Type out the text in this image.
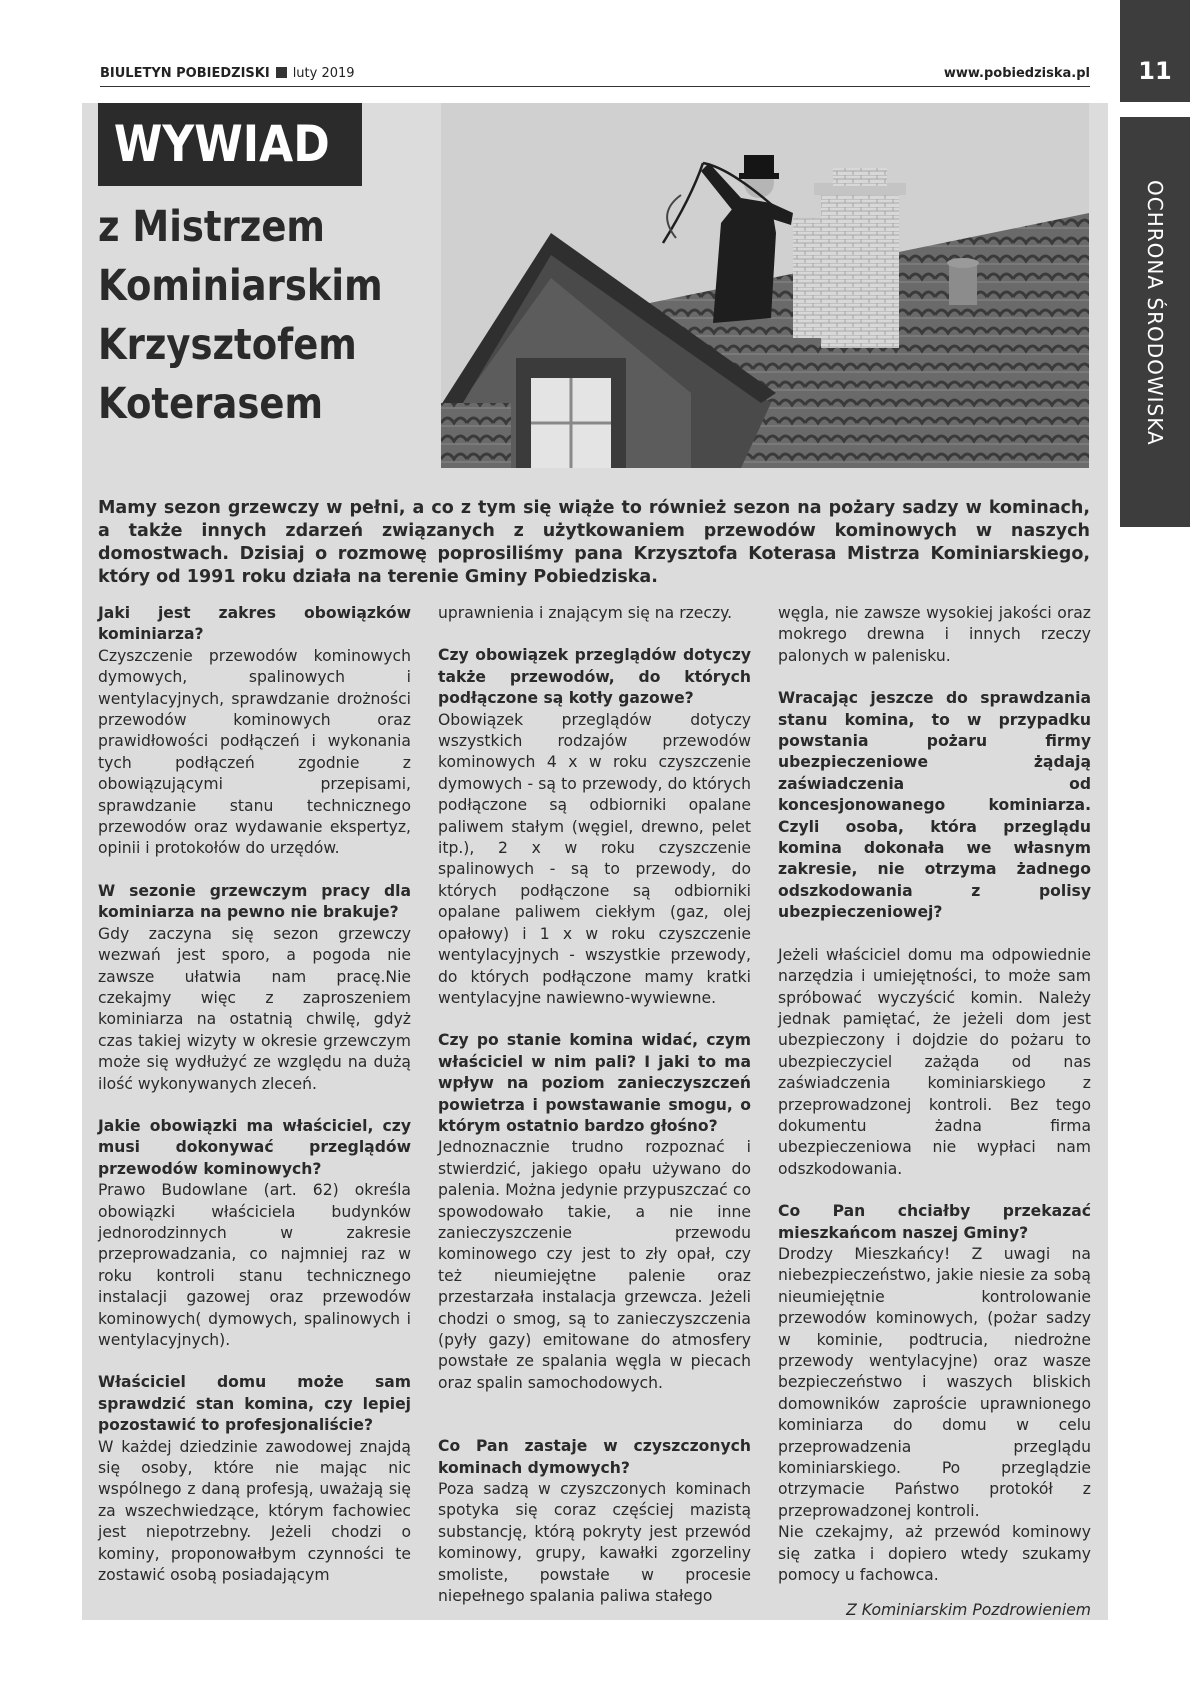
BIULETYN POBIEDZISKI luty 2019	www.pobiedziska.pl	11
OCHRONA ŚRODOWISKA
WYWIAD
z Mistrzem
Kominiarskim
Krzysztofem
Koterasem
Mamy sezon grzewczy w pełni, a co z tym się wiąże to również sezon na pożary sadzy w kominach, a także innych zdarzeń związanych z użytkowaniem przewodów kominowych w naszych domostwach. Dzisiaj o rozmowę poprosiliśmy pana Krzysztofa Koterasa Mistrza Kominiarskiego, który od 1991 roku działa na terenie Gminy Pobiedziska.

Jaki jest zakres obowiązków kominiarza?

Czyszczenie przewodów kominowych dymowych, spalinowych i wentylacyjnych, sprawdzanie drożności przewodów kominowych oraz prawidłowości podłączeń i wykonania tych podłączeń zgodnie z obowiązującymi przepisami, sprawdzanie stanu technicznego przewodów oraz wydawanie ekspertyz, opinii i protokołów do urzędów.

W sezonie grzewczym pracy dla kominiarza na pewno nie brakuje?

Gdy zaczyna się sezon grzewczy wezwań jest sporo, a pogoda nie zawsze ułatwia nam pracę.Nie czekajmy więc z zaproszeniem kominiarza na ostatnią chwilę, gdyż czas takiej wizyty w okresie grzewczym może się wydłużyć ze względu na dużą ilość wykonywanych zleceń.

Jakie obowiązki ma właściciel, czy musi dokonywać przeglądów przewodów kominowych?

Prawo Budowlane (art. 62) określa obowiązki właściciela budynków jednorodzinnych w zakresie przeprowadzania, co najmniej raz w roku kontroli stanu technicznego instalacji gazowej oraz przewodów kominowych( dymowych, spalinowych i wentylacyjnych).

Właściciel domu może sam sprawdzić stan komina, czy lepiej pozostawić to profesjonaliście?

W każdej dziedzinie zawodowej znajdą się osoby, które nie mając nic wspólnego z daną profesją, uważają się za wszechwiedzące, którym fachowiec jest niepotrzebny. Jeżeli chodzi o kominy, proponowałbym czynności te zostawić osobą posiadającym

uprawnienia i znającym się na rzeczy.

Czy obowiązek przeglądów dotyczy także przewodów, do których podłączone są kotły gazowe?

Obowiązek przeglądów dotyczy wszystkich rodzajów przewodów kominowych 4 x w roku czyszczenie dymowych - są to przewody, do których podłączone są odbiorniki opalane paliwem stałym (węgiel, drewno, pelet itp.), 2 x w roku czyszczenie spalinowych - są to przewody, do których podłączone są odbiorniki opalane paliwem ciekłym (gaz, olej opałowy) i 1 x w roku czyszczenie wentylacyjnych - wszystkie przewody, do których podłączone mamy kratki wentylacyjne nawiewno-wywiewne.

Czy po stanie komina widać, czym właściciel w nim pali? I jaki to ma wpływ na poziom zanieczyszczeń powietrza i powstawanie smogu, o którym ostatnio bardzo głośno?

Jednoznacznie trudno rozpoznać i stwierdzić, jakiego opału używano do palenia. Można jedynie przypuszczać co spowodowało takie, a nie inne zanieczyszczenie przewodu kominowego czy jest to zły opał, czy też nieumiejętne palenie oraz przestarzała instalacja grzewcza. Jeżeli chodzi o smog, są to zanieczyszczenia (pyły gazy) emitowane do atmosfery powstałe ze spalania węgla w piecach oraz spalin samochodowych.

Co Pan zastaje w czyszczonych kominach dymowych?

Poza sadzą w czyszczonych kominach spotyka się coraz częściej mazistą substancję, którą pokryty jest przewód kominowy, grupy, kawałki zgorzeliny smoliste, powstałe w procesie niepełnego spalania paliwa stałego

węgla, nie zawsze wysokiej jakości oraz mokrego drewna i innych rzeczy palonych w palenisku.

Wracając jeszcze do sprawdzania stanu komina, to w przypadku powstania pożaru firmy ubezpieczeniowe żądają zaświadczenia od koncesjonowanego kominiarza. Czyli osoba, która przeglądu komina dokonała we własnym zakresie, nie otrzyma żadnego odszkodowania z polisy ubezpieczeniowej?

Jeżeli właściciel domu ma odpowiednie narzędzia i umiejętności, to może sam spróbować wyczyścić komin. Należy jednak pamiętać, że jeżeli dom jest ubezpieczony i dojdzie do pożaru to ubezpieczyciel zażąda od nas zaświadczenia kominiarskiego z przeprowadzonej kontroli. Bez tego dokumentu żadna firma ubezpieczeniowa nie wypłaci nam odszkodowania.

Co Pan chciałby przekazać mieszkańcom naszej Gminy?

Drodzy Mieszkańcy! Z uwagi na niebezpieczeństwo, jakie niesie za sobą nieumiejętnie kontrolowanie przewodów kominowych, (pożar sadzy w kominie, podtrucia, niedrożne przewody wentylacyjne) oraz wasze bezpieczeństwo i waszych bliskich domowników zaproście uprawnionego kominiarza do domu w celu przeprowadzenia przeglądu kominiarskiego. Po przeglądzie otrzymacie Państwo protokół z przeprowadzonej kontroli.

Nie czekajmy, aż przewód kominowy się zatka i dopiero wtedy szukamy pomocy u fachowca.

Z Kominiarskim Pozdrowieniem
